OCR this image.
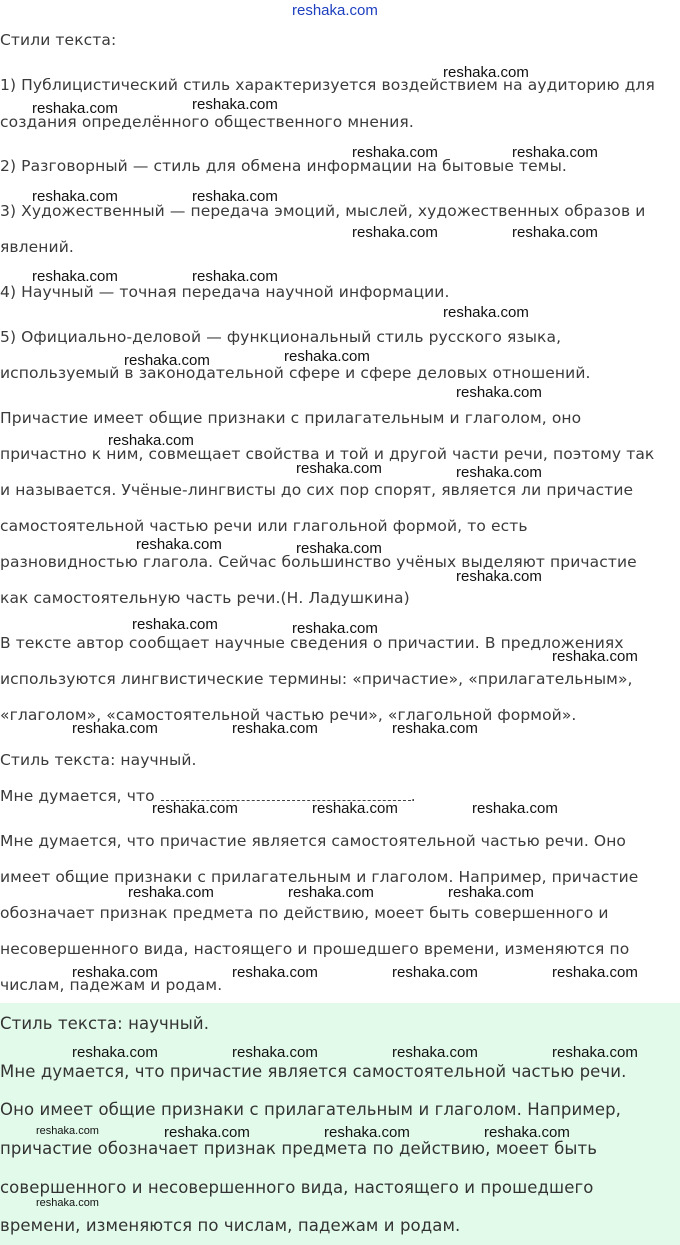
reshaka.com
Стили текста:
1) Публицистический стиль характеризуется воздействием на аудиторию для
создания определённого общественного мнения.
2) Разговорный — стиль для обмена информации на бытовые темы.
3) Художественный — передача эмоций, мыслей, художественных образов и
явлений.
4) Научный — точная передача научной информации.
5) Официально-деловой — функциональный стиль русского языка,
используемый в законодательной сфере и сфере деловых отношений.
Причастие имеет общие признаки с прилагательным и глаголом, оно
причастно к ним, совмещает свойства и той и другой части речи, поэтому так
и называется. Учёные-лингвисты до сих пор спорят, является ли причастие
самостоятельной частью речи или глагольной формой, то есть
разновидностью глагола. Сейчас большинство учёных выделяют причастие
как самостоятельную часть речи.(Н. Ладушкина)
В тексте автор сообщает научные сведения о причастии. В предложениях
используются лингвистические термины: «причастие», «прилагательным»,
«глаголом», «самостоятельной частью речи», «глагольной формой».
Стиль текста: научный.
Мне думается, что	.
Мне думается, что причастие является самостоятельной частью речи. Оно
имеет общие признаки с прилагательным и глаголом. Например, причастие
обозначает признак предмета по действию, моеет быть совершенного и
несовершенного вида, настоящего и прошедшего времени, изменяются по
числам, падежам и родам.
Стиль текста: научный.
Мне думается, что причастие является самостоятельной частью речи.
Оно имеет общие признаки с прилагательным и глаголом. Например,
причастие обозначает признак предмета по действию, моеет быть
совершенного и несовершенного вида, настоящего и прошедшего
времени, изменяются по числам, падежам и родам.
reshaka.com
reshaka.com	reshaka.com
reshaka.com	reshaka.com
reshaka.com	reshaka.com
reshaka.com	reshaka.com
reshaka.com	reshaka.com
reshaka.com
reshaka.com
reshaka.com
reshaka.com
reshaka.com
reshaka.com	reshaka.com
reshaka.com	reshaka.com
reshaka.com
reshaka.com	reshaka.com
reshaka.com
reshaka.com	reshaka.com	reshaka.com
reshaka.com	reshaka.com	reshaka.com
reshaka.com	reshaka.com	reshaka.com
reshaka.com	reshaka.com	reshaka.com	reshaka.com
reshaka.com	reshaka.com	reshaka.com	reshaka.com
reshaka.com	reshaka.com	reshaka.com	reshaka.com
reshaka.com
